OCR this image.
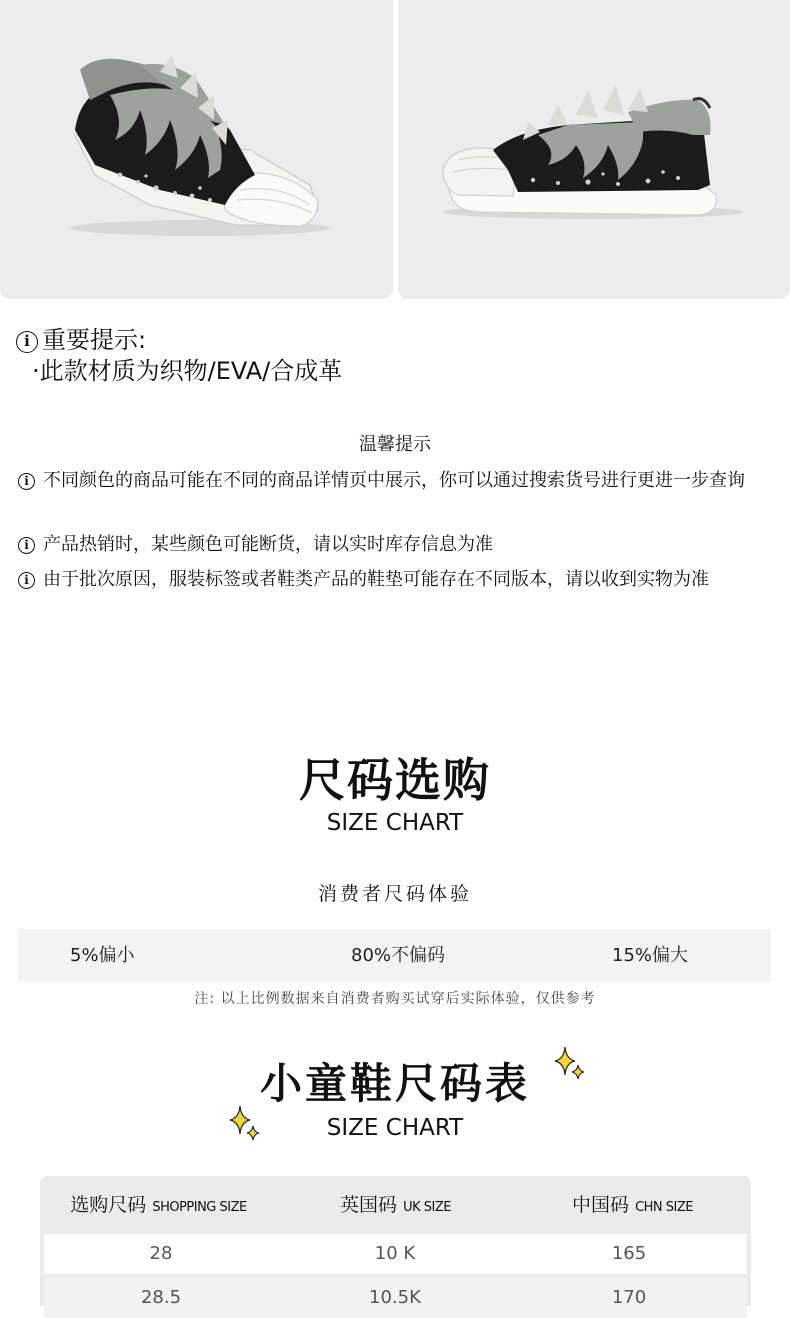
i 重要提示:
·此款材质为织物/EVA/合成革
温馨提示
i 不同颜色的商品可能在不同的商品详情页中展示，你可以通过搜索货号进行更进一步查询
i 产品热销时，某些颜色可能断货，请以实时库存信息为准
i 由于批次原因，服装标签或者鞋类产品的鞋垫可能存在不同版本，请以收到实物为准
尺码选购
SIZE CHART
消费者尺码体验
5%偏小	80%不偏码	15%偏大
注: 以上比例数据来自消费者购买试穿后实际体验，仅供参考
小童鞋尺码表
SIZE CHART
选购尺码 SHOPPING SIZE	英国码 UK SIZE	中国码 CHN SIZE
28	10 K	165
28.5	10.5K	170
